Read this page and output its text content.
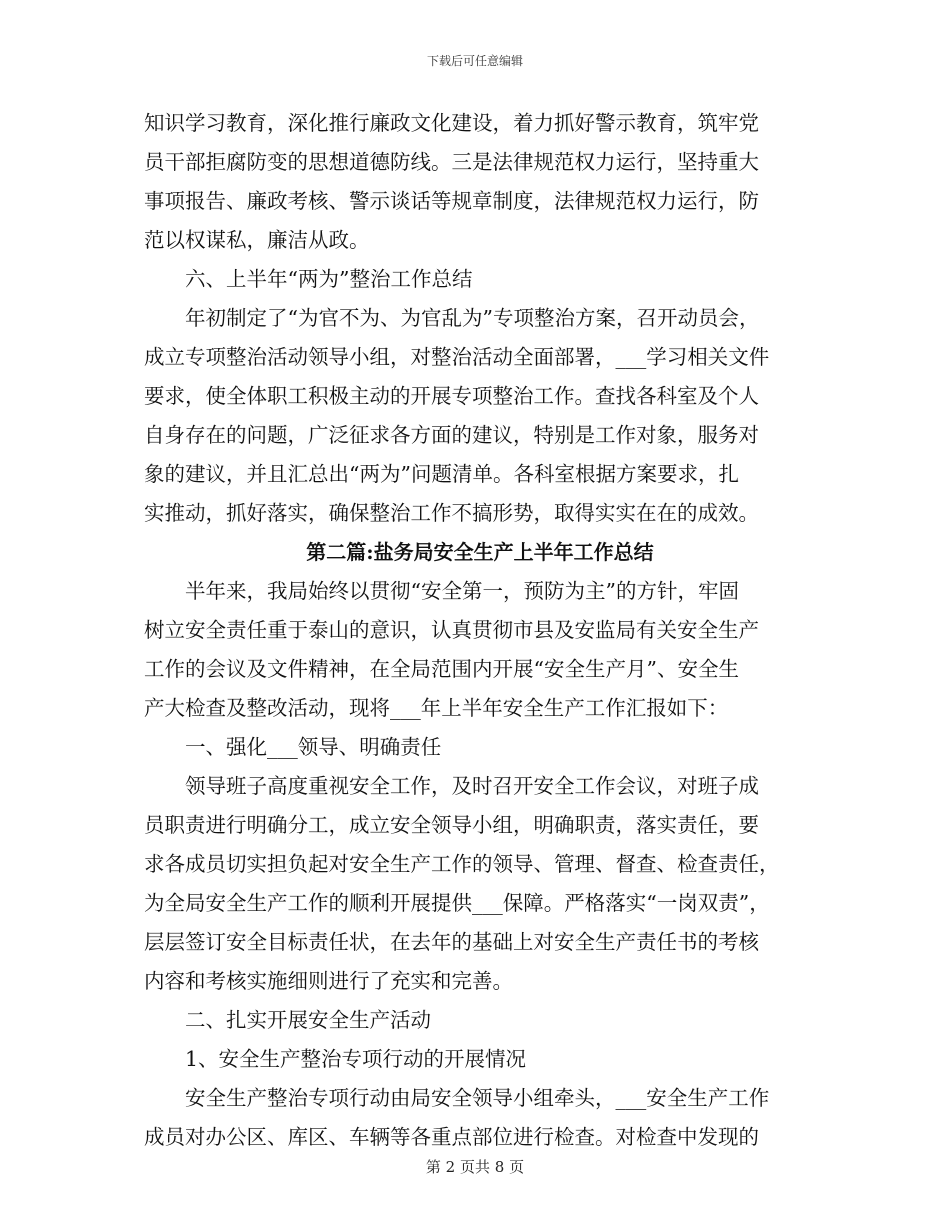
下载后可任意编辑
知识学习教育，深化推行廉政文化建设，着力抓好警示教育，筑牢党
员干部拒腐防变的思想道德防线。三是法律规范权力运行，坚持重大
事项报告、廉政考核、警示谈话等规章制度，法律规范权力运行，防
范以权谋私，廉洁从政。
　　六、上半年“两为”整治工作总结
　　年初制定了“为官不为、为官乱为”专项整治方案，召开动员会，
成立专项整治活动领导小组，对整治活动全面部署，___学习相关文件
要求，使全体职工积极主动的开展专项整治工作。查找各科室及个人
自身存在的问题，广泛征求各方面的建议，特别是工作对象，服务对
象的建议，并且汇总出“两为”问题清单。各科室根据方案要求，扎
实推动，抓好落实，确保整治工作不搞形势，取得实实在在的成效。
第二篇:盐务局安全生产上半年工作总结
　　半年来，我局始终以贯彻“安全第一，预防为主”的方针，牢固
树立安全责任重于泰山的意识，认真贯彻市县及安监局有关安全生产
工作的会议及文件精神，在全局范围内开展“安全生产月”、安全生
产大检查及整改活动，现将___年上半年安全生产工作汇报如下：
　　一、强化___领导、明确责任
　　领导班子高度重视安全工作，及时召开安全工作会议，对班子成
员职责进行明确分工，成立安全领导小组，明确职责，落实责任，要
求各成员切实担负起对安全生产工作的领导、管理、督查、检查责任，
为全局安全生产工作的顺利开展提供___保障。严格落实“一岗双责”，
层层签订安全目标责任状，在去年的基础上对安全生产责任书的考核
内容和考核实施细则进行了充实和完善。
　　二、扎实开展安全生产活动
　　1、安全生产整治专项行动的开展情况
　　安全生产整治专项行动由局安全领导小组牵头，___安全生产工作
成员对办公区、库区、车辆等各重点部位进行检查。对检查中发现的
第 2 页共 8 页
